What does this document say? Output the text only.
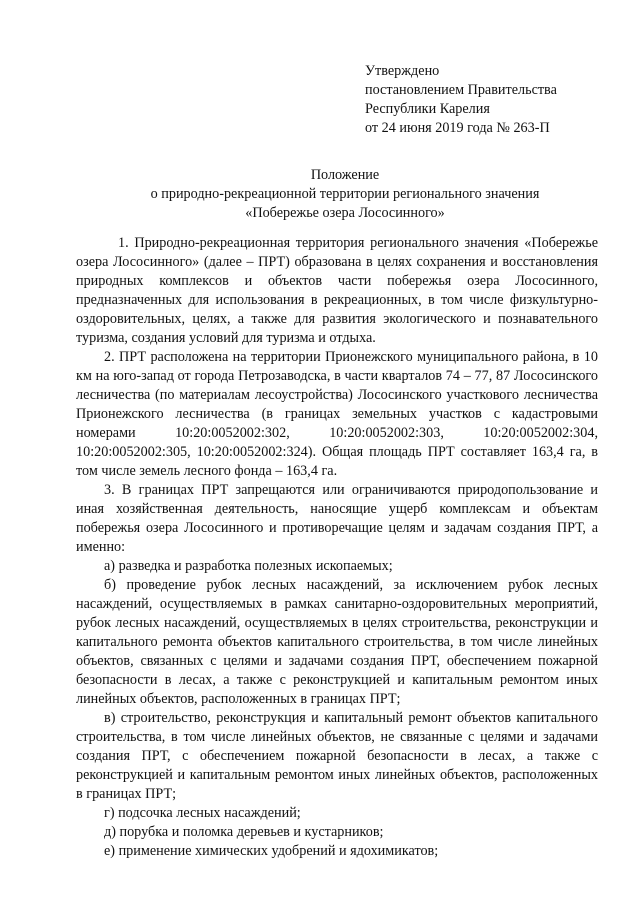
Утверждено
постановлением Правительства
Республики Карелия
от 24 июня 2019 года № 263-П
Положение
о природно-рекреационной территории регионального значения
«Побережье озера Лососинного»

1. Природно-рекреационная территория регионального значения «Побережье озера Лососинного» (далее – ПРТ) образована в целях сохранения и восстановления природных комплексов и объектов части побережья озера Лососинного, предназначенных для использования в рекреационных, в том числе физкультурно-оздоровительных, целях, а также для развития экологического и познавательного туризма, создания условий для туризма и отдыха.

2. ПРТ расположена на территории Прионежского муниципального района, в 10 км на юго-запад от города Петрозаводска, в части кварталов 74 – 77, 87 Лососинского лесничества (по материалам лесоустройства) Лососинского участкового лесничества Прионежского лесничества (в границах земельных участков с кадастровыми номерами 10:20:0052002:302, 10:20:0052002:303, 10:20:0052002:304, 10:20:0052002:305, 10:20:0052002:324). Общая площадь ПРТ составляет 163,4 га, в том числе земель лесного фонда – 163,4 га.

3. В границах ПРТ запрещаются или ограничиваются природопользование и иная хозяйственная деятельность, наносящие ущерб комплексам и объектам побережья озера Лососинного и противоречащие целям и задачам создания ПРТ, а именно:

а) разведка и разработка полезных ископаемых;

б) проведение рубок лесных насаждений, за исключением рубок лесных насаждений, осуществляемых в рамках санитарно-оздоровительных мероприятий, рубок лесных насаждений, осуществляемых в целях строительства, реконструкции и капитального ремонта объектов капитального строительства, в том числе линейных объектов, связанных с целями и задачами создания ПРТ, обеспечением пожарной безопасности в лесах, а также с реконструкцией и капитальным ремонтом иных линейных объектов, расположенных в границах ПРТ;

в) строительство, реконструкция и капитальный ремонт объектов капитального строительства, в том числе линейных объектов, не связанные с целями и задачами создания ПРТ, с обеспечением пожарной безопасности в лесах, а также с реконструкцией и капитальным ремонтом иных линейных объектов, расположенных в границах ПРТ;

г) подсочка лесных насаждений;

д) порубка и поломка деревьев и кустарников;

е) применение химических удобрений и ядохимикатов;
